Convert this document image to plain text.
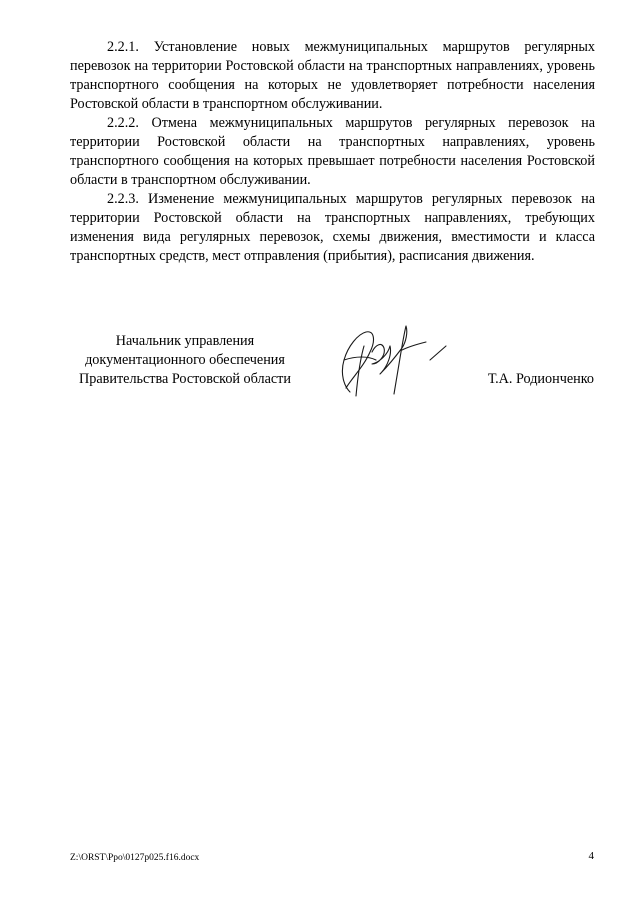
2.2.1. Установление новых межмуниципальных маршрутов регулярных перевозок на территории Ростовской области на транспортных направлениях, уровень транспортного сообщения на которых не удовлетворяет потребности населения Ростовской области в транспортном обслуживании.

2.2.2. Отмена межмуниципальных маршрутов регулярных перевозок на территории Ростовской области на транспортных направлениях, уровень транспортного сообщения на которых превышает потребности населения Ростовской области в транспортном обслуживании.

2.2.3. Изменение межмуниципальных маршрутов регулярных перевозок на территории Ростовской области на транспортных направлениях, требующих изменения вида регулярных перевозок, схемы движения, вместимости и класса транспортных средств, мест отправления (прибытия), расписания движения.

Начальник управления
документационного обеспечения
Правительства Ростовской области	Т.А. Родионченко
Z:\ORST\Ppo\0127p025.f16.docx	4
